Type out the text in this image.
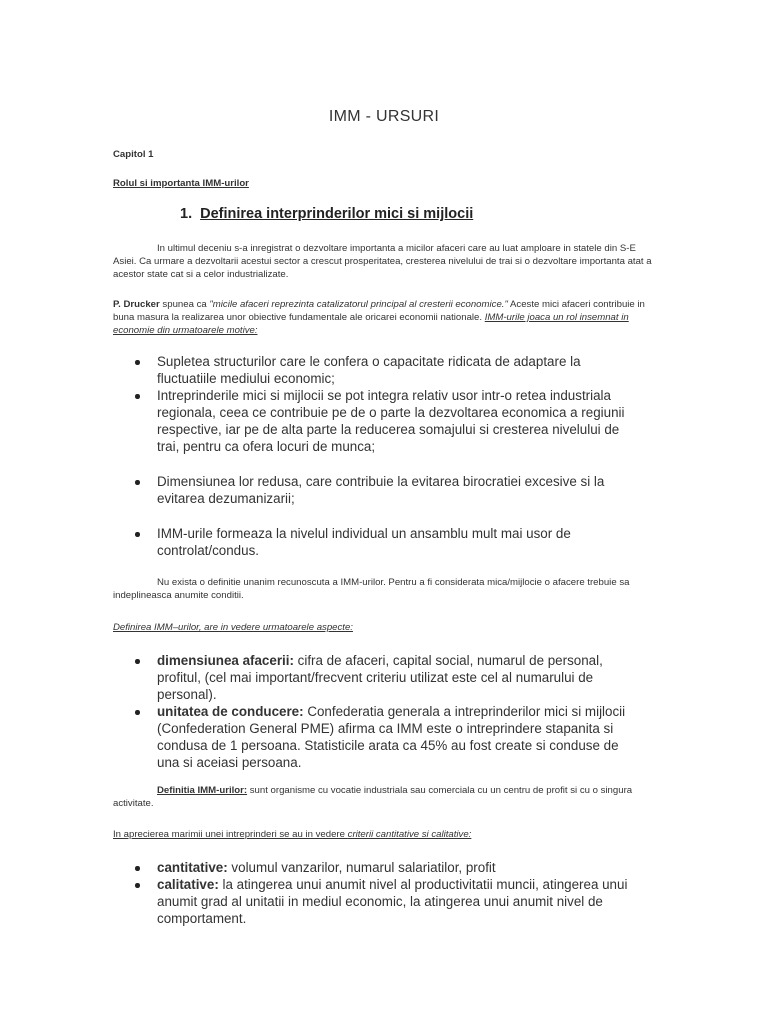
IMM - URSURI
Capitol 1
Rolul si importanta IMM-urilor
1. Definirea interprinderilor mici si mijlocii
In ultimul deceniu s-a inregistrat o dezvoltare importanta a micilor afaceri care au luat amploare in statele din S-E Asiei. Ca urmare a dezvoltarii acestui sector a crescut prosperitatea, cresterea nivelului de trai si o dezvoltare importanta atat a acestor state cat si a celor industrializate.
P. Drucker spunea ca "micile afaceri reprezinta catalizatorul principal al cresterii economice." Aceste mici afaceri contribuie in buna masura la realizarea unor obiective fundamentale ale oricarei economii nationale. IMM-urile joaca un rol insemnat in economie din urmatoarele motive:
Supletea structurilor care le confera o capacitate ridicata de adaptare la fluctuatiile mediului economic;
Intreprinderile mici si mijlocii se pot integra relativ usor intr-o retea industriala regionala, ceea ce contribuie pe de o parte la dezvoltarea economica a regiunii respective, iar pe de alta parte la reducerea somajului si cresterea nivelului de trai, pentru ca ofera locuri de munca;
Dimensiunea lor redusa, care contribuie la evitarea birocratiei excesive si la evitarea dezumanizarii;
IMM-urile formeaza la nivelul individual un ansamblu mult mai usor de controlat/condus.
Nu exista o definitie unanim recunoscuta a IMM-urilor. Pentru a fi considerata mica/mijlocie o afacere trebuie sa indeplineasca anumite conditii.
Definirea IMM–urilor, are in vedere urmatoarele aspecte:
dimensiunea afacerii: cifra de afaceri, capital social, numarul de personal, profitul, (cel mai important/frecvent criteriu utilizat este cel al numarului de personal).
unitatea de conducere: Confederatia generala a intreprinderilor mici si mijlocii (Confederation General PME) afirma ca IMM este o intreprindere stapanita si condusa de 1 persoana. Statisticile arata ca 45% au fost create si conduse de una si aceiasi persoana.
Definitia IMM-urilor: sunt organisme cu vocatie industriala sau comerciala cu un centru de profit si cu o singura activitate.
In aprecierea marimii unei intreprinderi se au in vedere criterii cantitative si calitative:
cantitative: volumul vanzarilor, numarul salariatilor, profit
calitative: la atingerea unui anumit nivel al productivitatii muncii, atingerea unui anumit grad al unitatii in mediul economic, la atingerea unui anumit nivel de comportament.
